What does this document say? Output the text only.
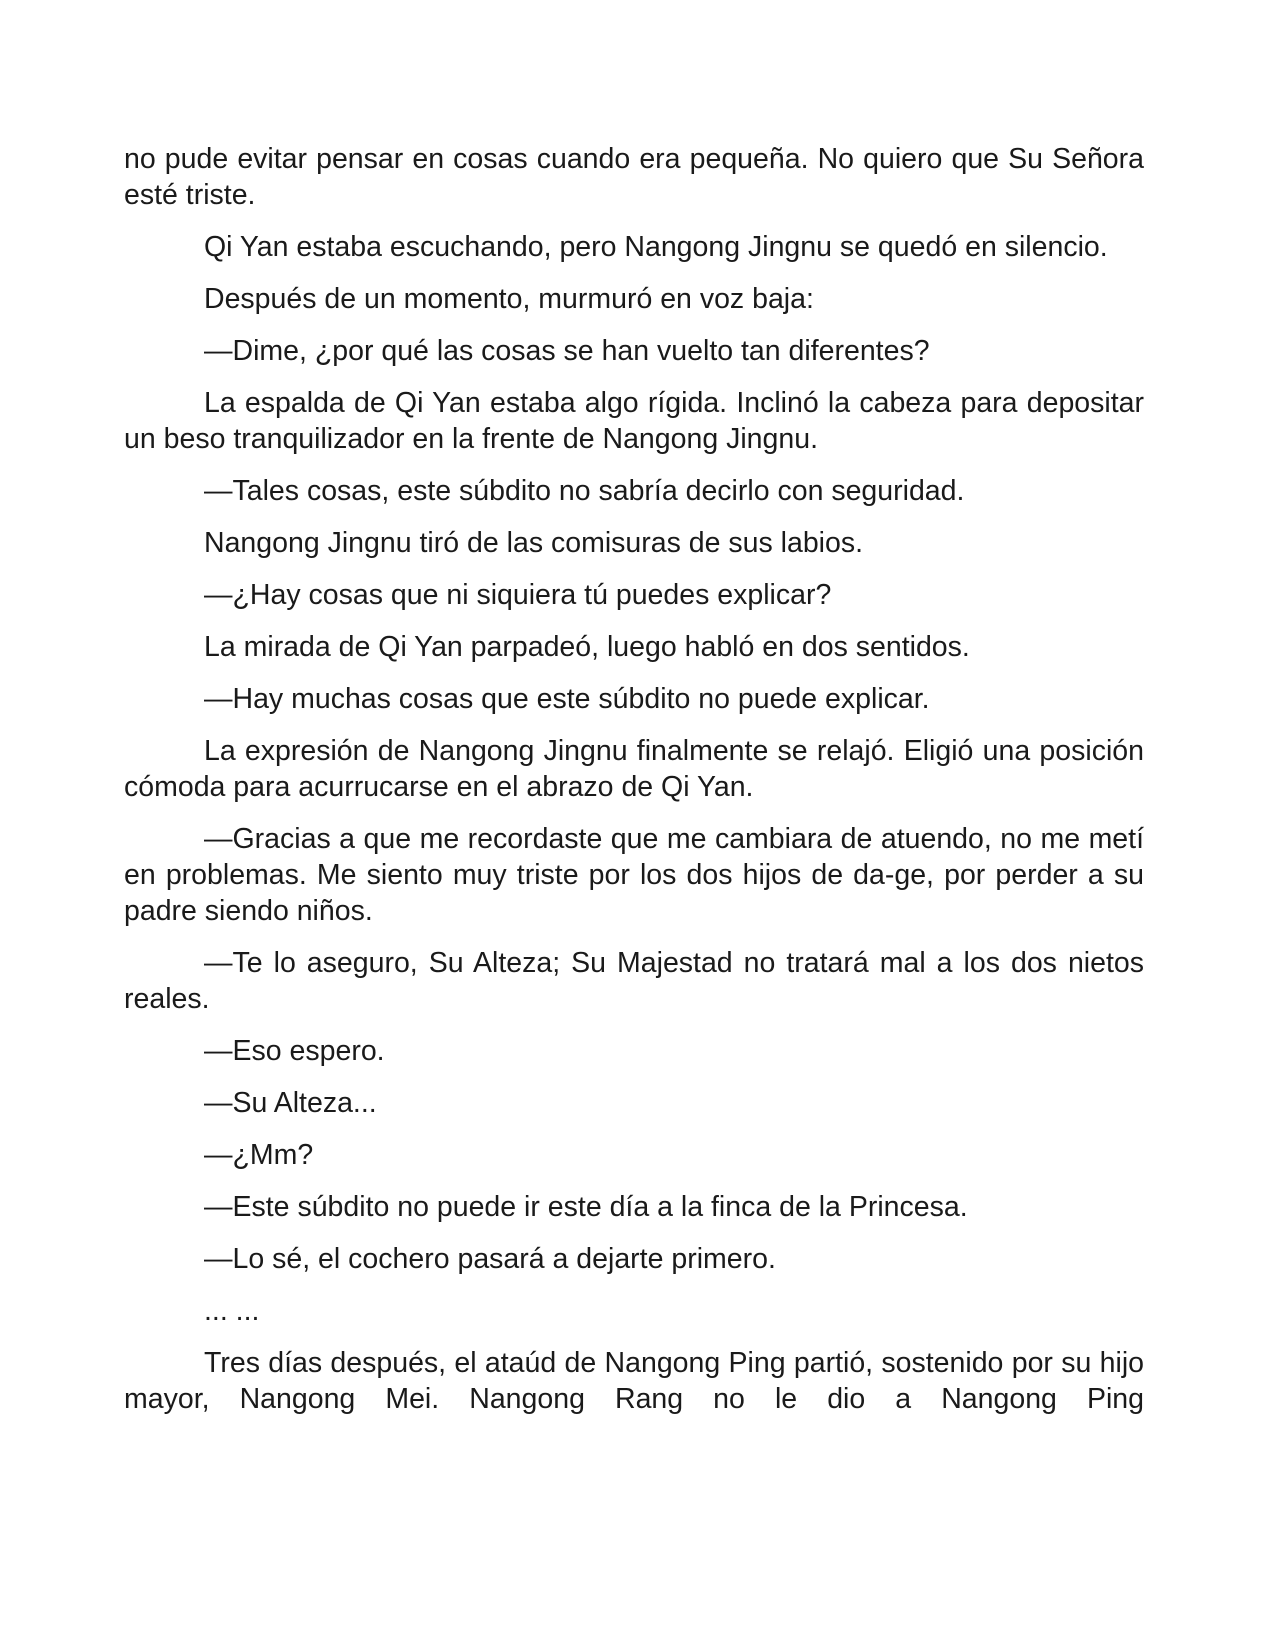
no pude evitar pensar en cosas cuando era pequeña. No quiero que Su Señora esté triste.

Qi Yan estaba escuchando, pero Nangong Jingnu se quedó en silencio.

Después de un momento, murmuró en voz baja:

—Dime, ¿por qué las cosas se han vuelto tan diferentes?

La espalda de Qi Yan estaba algo rígida. Inclinó la cabeza para depositar un beso tranquilizador en la frente de Nangong Jingnu.

—Tales cosas, este súbdito no sabría decirlo con seguridad.

Nangong Jingnu tiró de las comisuras de sus labios.

—¿Hay cosas que ni siquiera tú puedes explicar?

La mirada de Qi Yan parpadeó, luego habló en dos sentidos.

—Hay muchas cosas que este súbdito no puede explicar.

La expresión de Nangong Jingnu finalmente se relajó. Eligió una posición cómoda para acurrucarse en el abrazo de Qi Yan.

—Gracias a que me recordaste que me cambiara de atuendo, no me metí en problemas. Me siento muy triste por los dos hijos de da-ge, por perder a su padre siendo niños.

—Te lo aseguro, Su Alteza; Su Majestad no tratará mal a los dos nietos reales.

—Eso espero.

—Su Alteza...

—¿Mm?

—Este súbdito no puede ir este día a la finca de la Princesa.

—Lo sé, el cochero pasará a dejarte primero.

... ...

Tres días después, el ataúd de Nangong Ping partió, sostenido por su hijo mayor, Nangong Mei. Nangong Rang no le dio a Nangong Ping
